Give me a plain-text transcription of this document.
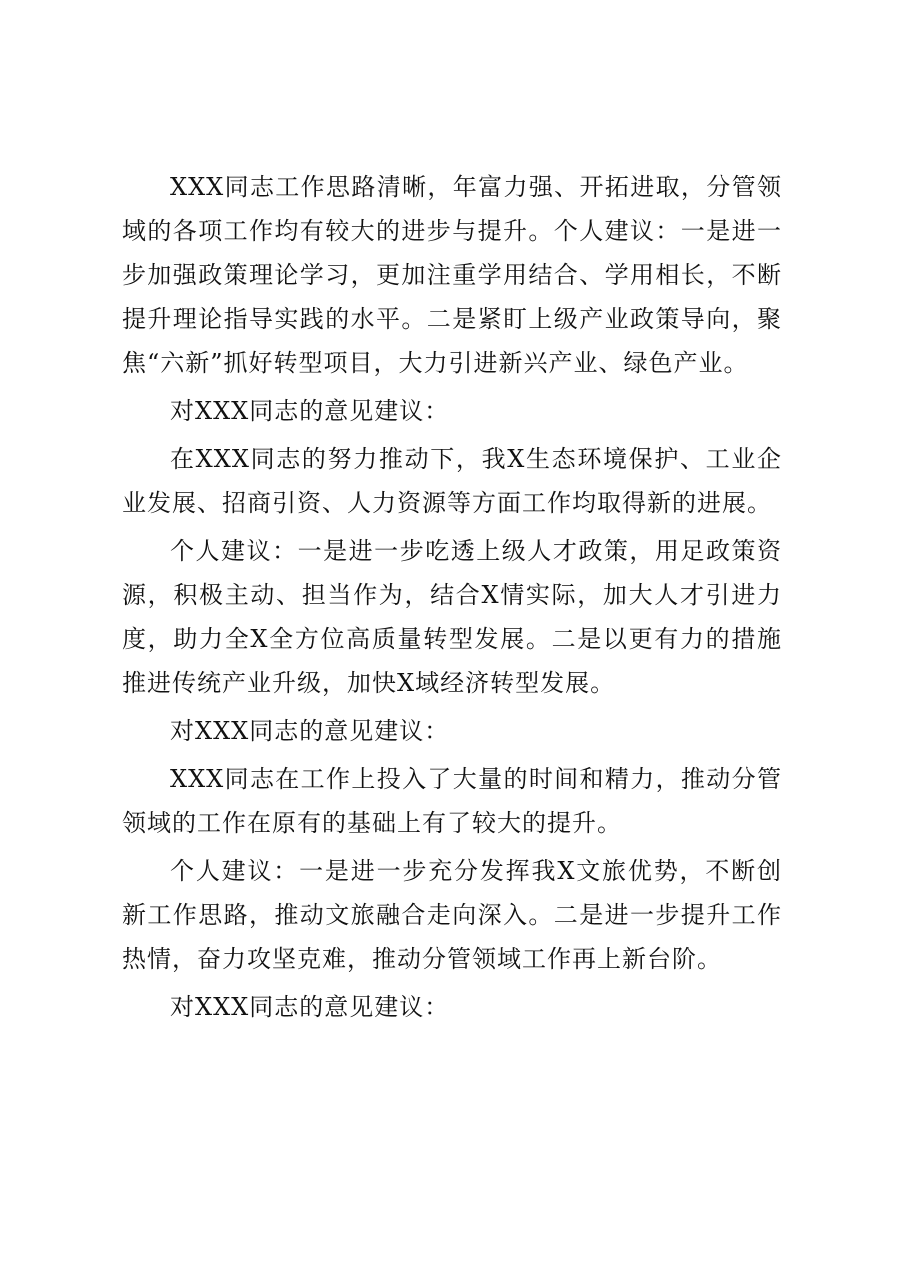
XXX同志工作思路清晰，年富力强、开拓进取，分管领域的各项工作均有较大的进步与提升。个人建议：一是进一步加强政策理论学习，更加注重学用结合、学用相长，不断提升理论指导实践的水平。二是紧盯上级产业政策导向，聚焦“六新”抓好转型项目，大力引进新兴产业、绿色产业。

对XXX同志的意见建议：

在XXX同志的努力推动下，我X生态环境保护、工业企业发展、招商引资、人力资源等方面工作均取得新的进展。

个人建议：一是进一步吃透上级人才政策，用足政策资源，积极主动、担当作为，结合X情实际，加大人才引进力度，助力全X全方位高质量转型发展。二是以更有力的措施推进传统产业升级，加快X域经济转型发展。

对XXX同志的意见建议：

XXX同志在工作上投入了大量的时间和精力，推动分管领域的工作在原有的基础上有了较大的提升。

个人建议：一是进一步充分发挥我X文旅优势，不断创新工作思路，推动文旅融合走向深入。二是进一步提升工作热情，奋力攻坚克难，推动分管领域工作再上新台阶。

对XXX同志的意见建议：
